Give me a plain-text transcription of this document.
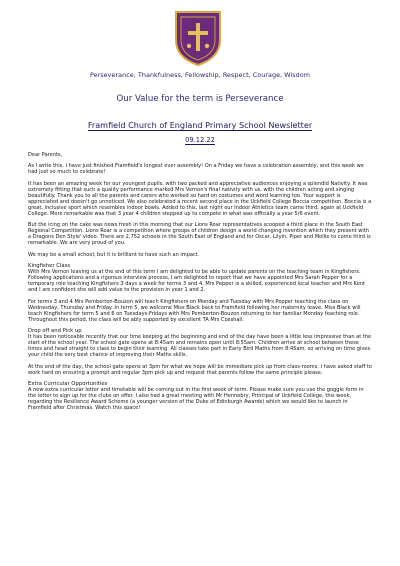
Perseverance, Thankfulness, Fellowship, Respect, Courage, Wisdom
Our Value for the term is Perseverance
Framfield Church of England Primary School Newsletter
09.12.22

Dear Parents,

As I write this, I have just finished Framfield's longest ever assembly! On a Friday we have a celebration assembly, and this week we had just so much to celebrate!

It has been an amazing week for our youngest pupils, with two packed and appreciative audiences enjoying a splendid Nativity. It was extremely fitting that such a quality performance marked Mrs Vernon's final nativity with us, with the children acting and singing beautifully. Thank you to all the parents and carers who worked so hard on costumes and word learning too. Your support is appreciated and doesn't go unnoticed. We also celebrated a recent second place in the Uckfield College Boccia competition. Boccia is a great, inclusive sport which resembles indoor bowls. Added to this, last night our Indoor Athletics team came third, again at Uckfield College. More remarkable was that 3 year 4 children stepped up to compete in what was officially a year 5/6 event.

But the icing on the cake was news fresh in this morning that our Lions Roar representatives scooped a third place in the South East Regional Competition. Lions Roar is a competition where groups of children design a world changing invention which they present with a Dragons Den Style' video. There are 2,752 schools in the South East of England and for Oscar, Lilyin, Piper and Mollie to come third is remarkable. We are very proud of you.

We may be a small school, but it is brilliant to have such an impact.

Kingfisher Class

With Mrs Vernon leaving us at the end of this term I am delighted to be able to update parents on the teaching team in Kingfishers. Following applications and a rigorous interview process, I am delighted to report that we have appointed Mrs Sarah Pepper for a temporary role teaching Kingfishers 3 days a week for terms 3 and 4. Mrs Pepper is a skilled, experienced local teacher and Mrs Kent and I are confident she will add value to the provision in year 1 and 2.

For terms 3 and 4 Mrs Pemberton-Bouzon will teach Kingfishers on Monday and Tuesday with Mrs Pepper teaching the class on Wednesday, Thursday and Friday. In term 5, we welcome Miss Black back to Framfield following her maternity leave. Miss Black will teach Kingfishers for term 5 and 6 on Tuesdays-Fridays with Mrs Pemberton-Bouzon returning to her familiar Monday teaching role. Throughout this period, the class will be ably supported by excellent TA Mrs Coxshall.

Drop off and Pick up

It has been noticeable recently that our time keeping at the beginning and end of the day have been a little less impressive than at the start of the school year. The school gate opens at 8:45am and remains open until 8:55am. Children arrive at school between these times and head straight to class to begin their learning. All classes take part in Early Bird Maths from 8:45am, so arriving on time gives your child the very best chance of improving their Maths skills.

At the end of the day, the school gate opens at 3pm for what we hope will be immediate pick up from class-rooms. I have asked staff to work hard on ensuring a prompt and regular 3pm pick up and request that parents follow the same principle please.

Extra Curricular Opportunities

A new extra curricular letter and timetable will be coming out in the first week of term. Please make sure you use the goggle form in the letter to sign up for the clubs on offer. I also had a great meeting with Mr Hennebry, Principal of Uckfield College, this week, regarding the Resilience Award Scheme (a younger version of the Duke of Edinburgh Awards) which we would like to launch in Framfield after Christmas. Watch this space!
